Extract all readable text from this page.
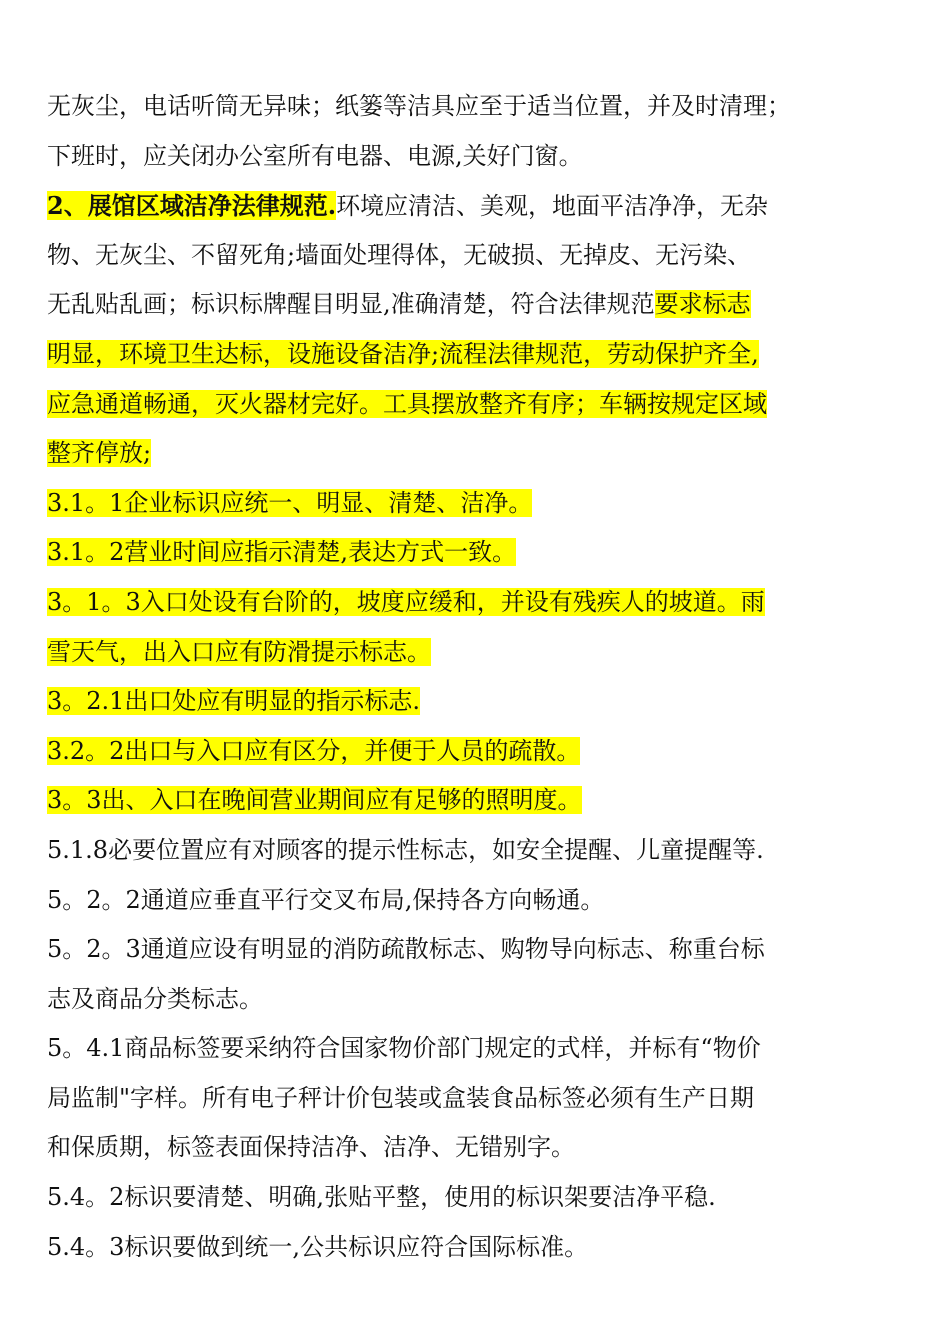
无灰尘，电话听筒无异味；纸篓等洁具应至于适当位置，并及时清理；
下班时，应关闭办公室所有电器、电源,关好门窗。
2、展馆区域洁净法律规范.环境应清洁、美观，地面平洁净净，无杂
物、无灰尘、不留死角;墙面处理得体，无破损、无掉皮、无污染、
无乱贴乱画；标识标牌醒目明显,准确清楚，符合法律规范要求标志
明显，环境卫生达标，设施设备洁净;流程法律规范，劳动保护齐全,
应急通道畅通，灭火器材完好。工具摆放整齐有序；车辆按规定区域
整齐停放;
3.1。1企业标识应统一、明显、清楚、洁净。
3.1。2营业时间应指示清楚,表达方式一致。
3。1。3入口处设有台阶的，坡度应缓和，并设有残疾人的坡道。雨
雪天气，出入口应有防滑提示标志。
3。2.1出口处应有明显的指示标志.
3.2。2出口与入口应有区分，并便于人员的疏散。
3。3出、入口在晚间营业期间应有足够的照明度。
5.1.8必要位置应有对顾客的提示性标志，如安全提醒、儿童提醒等.
5。2。2通道应垂直平行交叉布局,保持各方向畅通。
5。2。3通道应设有明显的消防疏散标志、购物导向标志、称重台标
志及商品分类标志。
5。4.1商品标签要采纳符合国家物价部门规定的式样，并标有“物价
局监制"字样。所有电子秤计价包装或盒装食品标签必须有生产日期
和保质期，标签表面保持洁净、洁净、无错别字。
5.4。2标识要清楚、明确,张贴平整，使用的标识架要洁净平稳.
5.4。3标识要做到统一,公共标识应符合国际标准。
